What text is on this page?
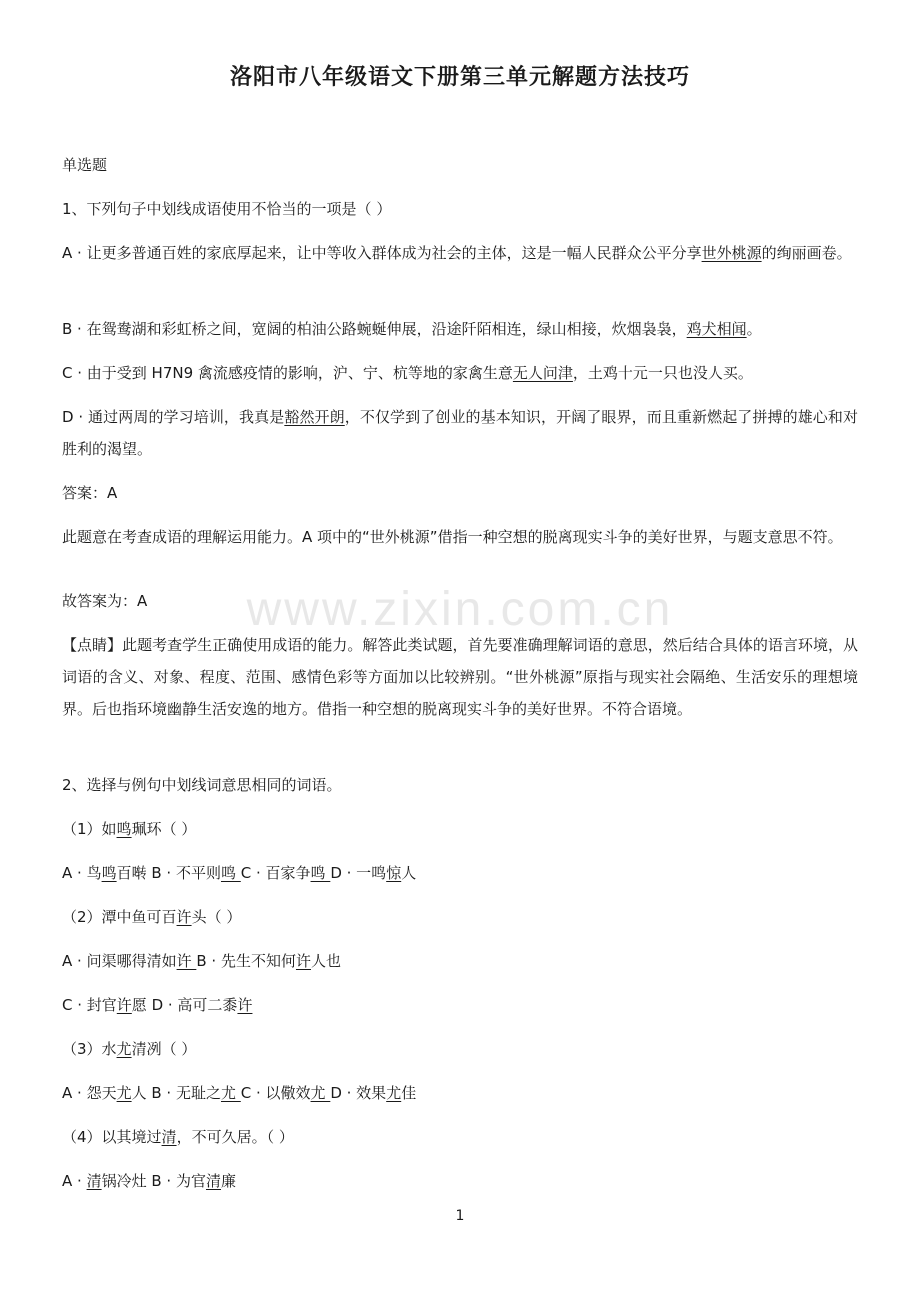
洛阳市八年级语文下册第三单元解题方法技巧
www.zixin.com.cn
单选题
1、下列句子中划线成语使用不恰当的一项是（ ）
A · 让更多普通百姓的家底厚起来，让中等收入群体成为社会的主体，这是一幅人民群众公平分享世外桃源的绚丽画卷。
B · 在鸳鸯湖和彩虹桥之间，宽阔的柏油公路蜿蜒伸展，沿途阡陌相连，绿山相接，炊烟袅袅，鸡犬相闻。
C · 由于受到 H7N9 禽流感疫情的影响，沪、宁、杭等地的家禽生意无人问津，土鸡十元一只也没人买。
D · 通过两周的学习培训，我真是豁然开朗，不仅学到了创业的基本知识，开阔了眼界，而且重新燃起了拼搏的雄心和对胜利的渴望。
答案：A
此题意在考查成语的理解运用能力。A 项中的“世外桃源”借指一种空想的脱离现实斗争的美好世界，与题支意思不符。
故答案为：A
【点睛】此题考查学生正确使用成语的能力。解答此类试题，首先要准确理解词语的意思，然后结合具体的语言环境，从词语的含义、对象、程度、范围、感情色彩等方面加以比较辨别。“世外桃源”原指与现实社会隔绝、生活安乐的理想境界。后也指环境幽静生活安逸的地方。借指一种空想的脱离现实斗争的美好世界。不符合语境。
2、选择与例句中划线词意思相同的词语。
（1）如鸣珮环（ ）
A · 鸟鸣百啭 B · 不平则鸣 C · 百家争鸣 D · 一鸣惊人
（2）潭中鱼可百许头（ ）
A · 问渠哪得清如许 B · 先生不知何许人也
C · 封官许愿 D · 高可二黍许
（3）水尤清冽（ ）
A · 怨天尤人 B · 无耻之尤 C · 以儆效尤 D · 效果尤佳
（4）以其境过清，不可久居。（ ）
A · 清锅冷灶 B · 为官清廉
1
